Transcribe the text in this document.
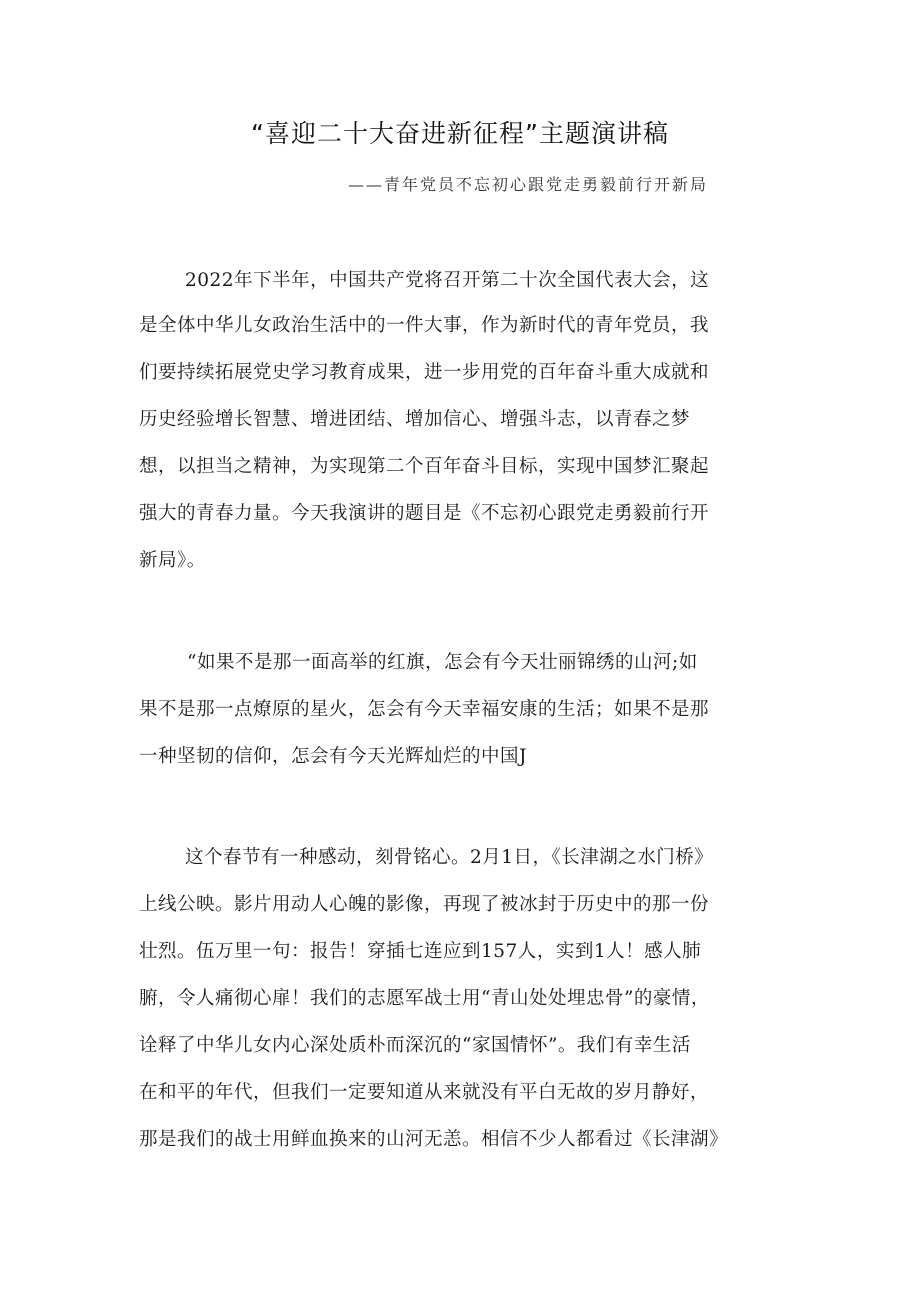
“喜迎二十大奋进新征程”主题演讲稿

——青年党员不忘初心跟党走勇毅前行开新局

2022年下半年，中国共产党将召开第二十次全国代表大会，这
是全体中华儿女政治生活中的一件大事，作为新时代的青年党员，我
们要持续拓展党史学习教育成果，进一步用党的百年奋斗重大成就和
历史经验增长智慧、增进团结、增加信心、增强斗志，以青春之梦
想，以担当之精神，为实现第二个百年奋斗目标，实现中国梦汇聚起
强大的青春力量。今天我演讲的题目是《不忘初心跟党走勇毅前行开
新局》。
“如果不是那一面高举的红旗，怎会有今天壮丽锦绣的山河;如
果不是那一点燎原的星火，怎会有今天幸福安康的生活；如果不是那
一种坚韧的信仰，怎会有今天光辉灿烂的中国J
这个春节有一种感动，刻骨铭心。2月1日，《长津湖之水门桥》
上线公映。影片用动人心魄的影像，再现了被冰封于历史中的那一份
壮烈。伍万里一句：报告！穿插七连应到157人，实到1人！感人肺
腑，令人痛彻心扉！我们的志愿军战士用“青山处处埋忠骨”的豪情，
诠释了中华儿女内心深处质朴而深沉的“家国情怀”。我们有幸生活
在和平的年代，但我们一定要知道从来就没有平白无故的岁月静好，
那是我们的战士用鲜血换来的山河无恙。相信不少人都看过《长津湖》
